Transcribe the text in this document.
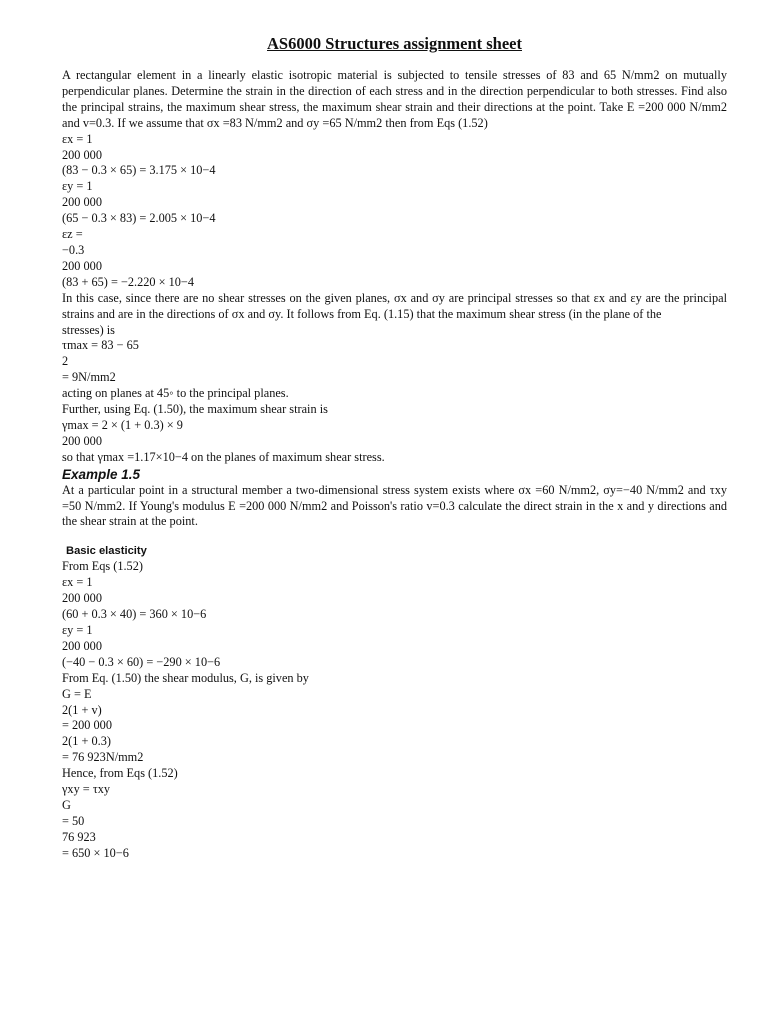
AS6000 Structures assignment sheet

A rectangular element in a linearly elastic isotropic material is subjected to tensile stresses of 83 and 65 N/mm2 on mutually perpendicular planes. Determine the strain in the direction of each stress and in the direction perpendicular to both stresses. Find also the principal strains, the maximum shear stress, the maximum shear strain and their directions at the point. Take E =200 000 N/mm2 and v=0.3. If we assume that σx =83 N/mm2 and σy =65 N/mm2 then from Eqs (1.52)

εx = 1

200 000

(83 − 0.3 × 65) = 3.175 × 10−4

εy = 1

200 000

(65 − 0.3 × 83) = 2.005 × 10−4

εz =

−0.3

200 000

(83 + 65) = −2.220 × 10−4

In this case, since there are no shear stresses on the given planes, σx and σy are principal stresses so that εx and εy are the principal strains and are in the directions of σx and σy. It follows from Eq. (1.15) that the maximum shear stress (in the plane of the

stresses) is

τmax = 83 − 65

2

= 9N/mm2

acting on planes at 45◦ to the principal planes.

Further, using Eq. (1.50), the maximum shear strain is

γmax = 2 × (1 + 0.3) × 9

200 000

so that γmax =1.17×10−4 on the planes of maximum shear stress.

Example 1.5

At a particular point in a structural member a two-dimensional stress system exists where σx =60 N/mm2, σy=−40 N/mm2 and τxy =50 N/mm2. If Young's modulus E =200 000 N/mm2 and Poisson's ratio v=0.3 calculate the direct strain in the x and y directions and the shear strain at the point.

Basic elasticity

From Eqs (1.52)

εx = 1

200 000

(60 + 0.3 × 40) = 360 × 10−6

εy = 1

200 000

(−40 − 0.3 × 60) = −290 × 10−6

From Eq. (1.50) the shear modulus, G, is given by

G = E

2(1 + v)

= 200 000

2(1 + 0.3)

= 76 923N/mm2

Hence, from Eqs (1.52)

γxy = τxy

G

= 50

76 923

= 650 × 10−6
